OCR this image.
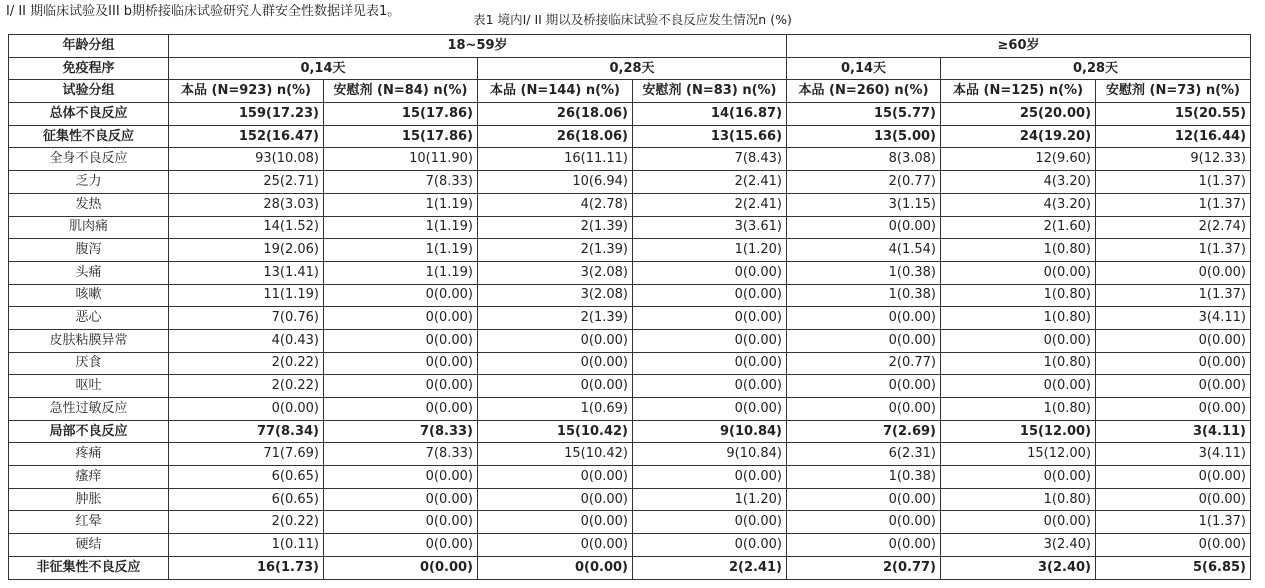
I/ II 期临床试验及III b期桥接临床试验研究人群安全性数据详见表1。

表1 境内I/ II 期以及桥接临床试验不良反应发生情况n (%)

年龄分组	18~59岁				≥60岁		
免疫程序	0,14天		0,28天		0,14天	0,28天	
试验分组	本品 (N=923) n(%)	安慰剂 (N=84) n(%)	本品 (N=144) n(%)	安慰剂 (N=83) n(%)	本品 (N=260) n(%)	本品 (N=125) n(%)	安慰剂 (N=73) n(%)
总体不良反应	159(17.23)	15(17.86)	26(18.06)	14(16.87)	15(5.77)	25(20.00)	15(20.55)
征集性不良反应	152(16.47)	15(17.86)	26(18.06)	13(15.66)	13(5.00)	24(19.20)	12(16.44)
全身不良反应	93(10.08)	10(11.90)	16(11.11)	7(8.43)	8(3.08)	12(9.60)	9(12.33)
乏力	25(2.71)	7(8.33)	10(6.94)	2(2.41)	2(0.77)	4(3.20)	1(1.37)
发热	28(3.03)	1(1.19)	4(2.78)	2(2.41)	3(1.15)	4(3.20)	1(1.37)
肌肉痛	14(1.52)	1(1.19)	2(1.39)	3(3.61)	0(0.00)	2(1.60)	2(2.74)
腹泻	19(2.06)	1(1.19)	2(1.39)	1(1.20)	4(1.54)	1(0.80)	1(1.37)
头痛	13(1.41)	1(1.19)	3(2.08)	0(0.00)	1(0.38)	0(0.00)	0(0.00)
咳嗽	11(1.19)	0(0.00)	3(2.08)	0(0.00)	1(0.38)	1(0.80)	1(1.37)
恶心	7(0.76)	0(0.00)	2(1.39)	0(0.00)	0(0.00)	1(0.80)	3(4.11)
皮肤粘膜异常	4(0.43)	0(0.00)	0(0.00)	0(0.00)	0(0.00)	0(0.00)	0(0.00)
厌食	2(0.22)	0(0.00)	0(0.00)	0(0.00)	2(0.77)	1(0.80)	0(0.00)
呕吐	2(0.22)	0(0.00)	0(0.00)	0(0.00)	0(0.00)	0(0.00)	0(0.00)
急性过敏反应	0(0.00)	0(0.00)	1(0.69)	0(0.00)	0(0.00)	1(0.80)	0(0.00)
局部不良反应	77(8.34)	7(8.33)	15(10.42)	9(10.84)	7(2.69)	15(12.00)	3(4.11)
疼痛	71(7.69)	7(8.33)	15(10.42)	9(10.84)	6(2.31)	15(12.00)	3(4.11)
瘙痒	6(0.65)	0(0.00)	0(0.00)	0(0.00)	1(0.38)	0(0.00)	0(0.00)
肿胀	6(0.65)	0(0.00)	0(0.00)	1(1.20)	0(0.00)	1(0.80)	0(0.00)
红晕	2(0.22)	0(0.00)	0(0.00)	0(0.00)	0(0.00)	0(0.00)	1(1.37)
硬结	1(0.11)	0(0.00)	0(0.00)	0(0.00)	0(0.00)	3(2.40)	0(0.00)
非征集性不良反应	16(1.73)	0(0.00)	0(0.00)	2(2.41)	2(0.77)	3(2.40)	5(6.85)
